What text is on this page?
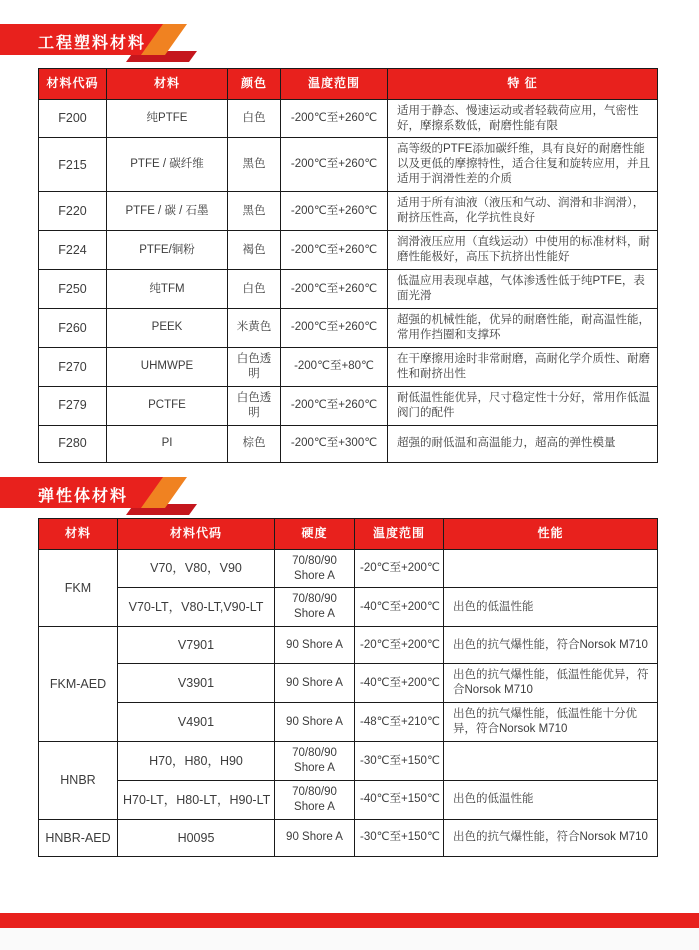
工程塑料材料
材料代码	材料	颜色	温度范围	特 征
F200	纯PTFE	白色	-200℃至+260℃	适用于静态、慢速运动或者轻载荷应用，气密性好，摩擦系数低，耐磨性能有限
F215	PTFE / 碳纤维	黑色	-200℃至+260℃	高等级的PTFE添加碳纤维，具有良好的耐磨性能以及更低的摩擦特性，适合往复和旋转应用，并且适用于润滑性差的介质
F220	PTFE / 碳 / 石墨	黑色	-200℃至+260℃	适用于所有油液（液压和气动、润滑和非润滑），耐挤压性高，化学抗性良好
F224	PTFE/铜粉	褐色	-200℃至+260℃	润滑液压应用（直线运动）中使用的标准材料，耐磨性能极好，高压下抗挤出性能好
F250	纯TFM	白色	-200℃至+260℃	低温应用表现卓越，气体渗透性低于纯PTFE，表面光滑
F260	PEEK	米黄色	-200℃至+260℃	超强的机械性能，优异的耐磨性能，耐高温性能，常用作挡圈和支撑环
F270	UHMWPE	白色透明	-200℃至+80℃	在干摩擦用途时非常耐磨，高耐化学介质性、耐磨性和耐挤出性
F279	PCTFE	白色透明	-200℃至+260℃	耐低温性能优异，尺寸稳定性十分好，常用作低温阀门的配件
F280	PI	棕色	-200℃至+300℃	超强的耐低温和高温能力，超高的弹性模量
弹性体材料
材料	材料代码	硬度	温度范围	性能
FKM	V70，V80，V90	70/80/90 Shore A	-20℃至+200℃	
	V70-LT，V80-LT,V90-LT	70/80/90 Shore A	-40℃至+200℃	出色的低温性能
FKM-AED	V7901	90 Shore A	-20℃至+200℃	出色的抗气爆性能，符合Norsok M710
	V3901	90 Shore A	-40℃至+200℃	出色的抗气爆性能，低温性能优异，符合Norsok M710
	V4901	90 Shore A	-48℃至+210℃	出色的抗气爆性能，低温性能十分优异，符合Norsok M710
HNBR	H70，H80，H90	70/80/90 Shore A	-30℃至+150℃	
	H70-LT，H80-LT，H90-LT	70/80/90 Shore A	-40℃至+150℃	出色的低温性能
HNBR-AED	H0095	90 Shore A	-30℃至+150℃	出色的抗气爆性能，符合Norsok M710
